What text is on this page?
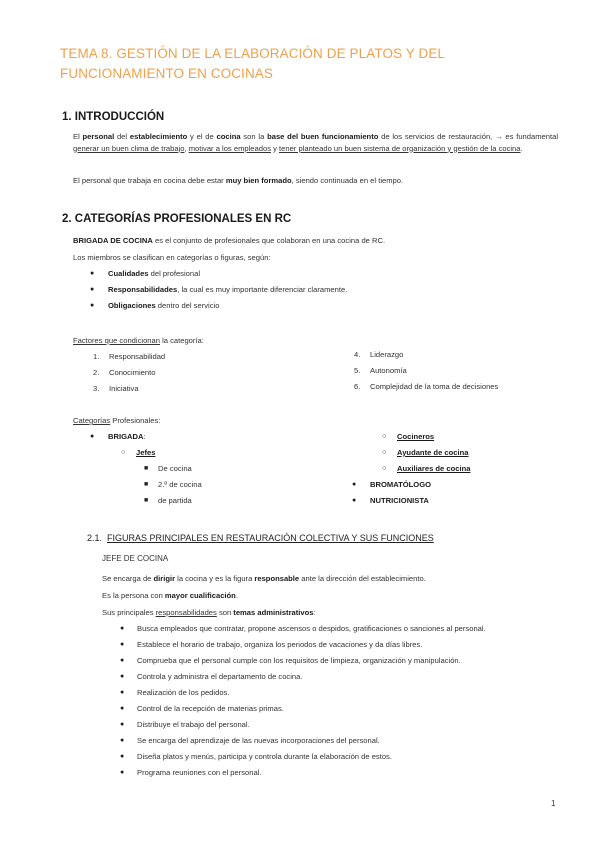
TEMA 8. GESTIÓN DE LA ELABORACIÓN DE PLATOS Y DEL
FUNCIONAMIENTO EN COCINAS
1. INTRODUCCIÓN
El personal del establecimiento y el de cocina son la base del buen funcionamiento de los servicios de restauración, → es fundamental generar un buen clima de trabajo, motivar a los empleados y tener planteado un buen sistema de organización y gestión de la cocina.
El personal que trabaja en cocina debe estar muy bien formado, siendo continuada en el tiempo.
2. CATEGORÍAS PROFESIONALES EN RC
BRIGADA DE COCINA es el conjunto de profesionales que colaboran en una cocina de RC.
Los miembros se clasifican en categorías o figuras, según:
● Cualidades del profesional
● Responsabilidades, la cual es muy importante diferenciar claramente.
● Obligaciones dentro del servicio
Factores que condicionan la categoría:
1. Responsabilidad
2. Conocimiento
3. Iniciativa
4. Liderazgo
5. Autonomía
6. Complejidad de la toma de decisiones
Categorías Profesionales:
● BRIGADA:
○ Jefes
■ De cocina
■ 2.º de cocina
■ de partida
○ Cocineros
○ Ayudante de cocina
○ Auxiliares de cocina
● BROMATÓLOGO
● NUTRICIONISTA
2.1. FIGURAS PRINCIPALES EN RESTAURACIÓN COLECTIVA Y SUS FUNCIONES
JEFE DE COCINA
Se encarga de dirigir la cocina y es la figura responsable ante la dirección del establecimiento.
Es la persona con mayor cualificación.
Sus principales responsabilidades son temas administrativos:
● Busca empleados que contratar, propone ascensos o despidos, gratificaciones o sanciones al personal.
● Establece el horario de trabajo, organiza los periodos de vacaciones y da días libres.
● Comprueba que el personal cumple con los requisitos de limpieza, organización y manipulación.
● Controla y administra el departamento de cocina.
● Realización de los pedidos.
● Control de la recepción de materias primas.
● Distribuye el trabajo del personal.
● Se encarga del aprendizaje de las nuevas incorporaciones del personal.
● Diseña platos y menús, participa y controla durante la elaboración de estos.
● Programa reuniones con el personal.
1
